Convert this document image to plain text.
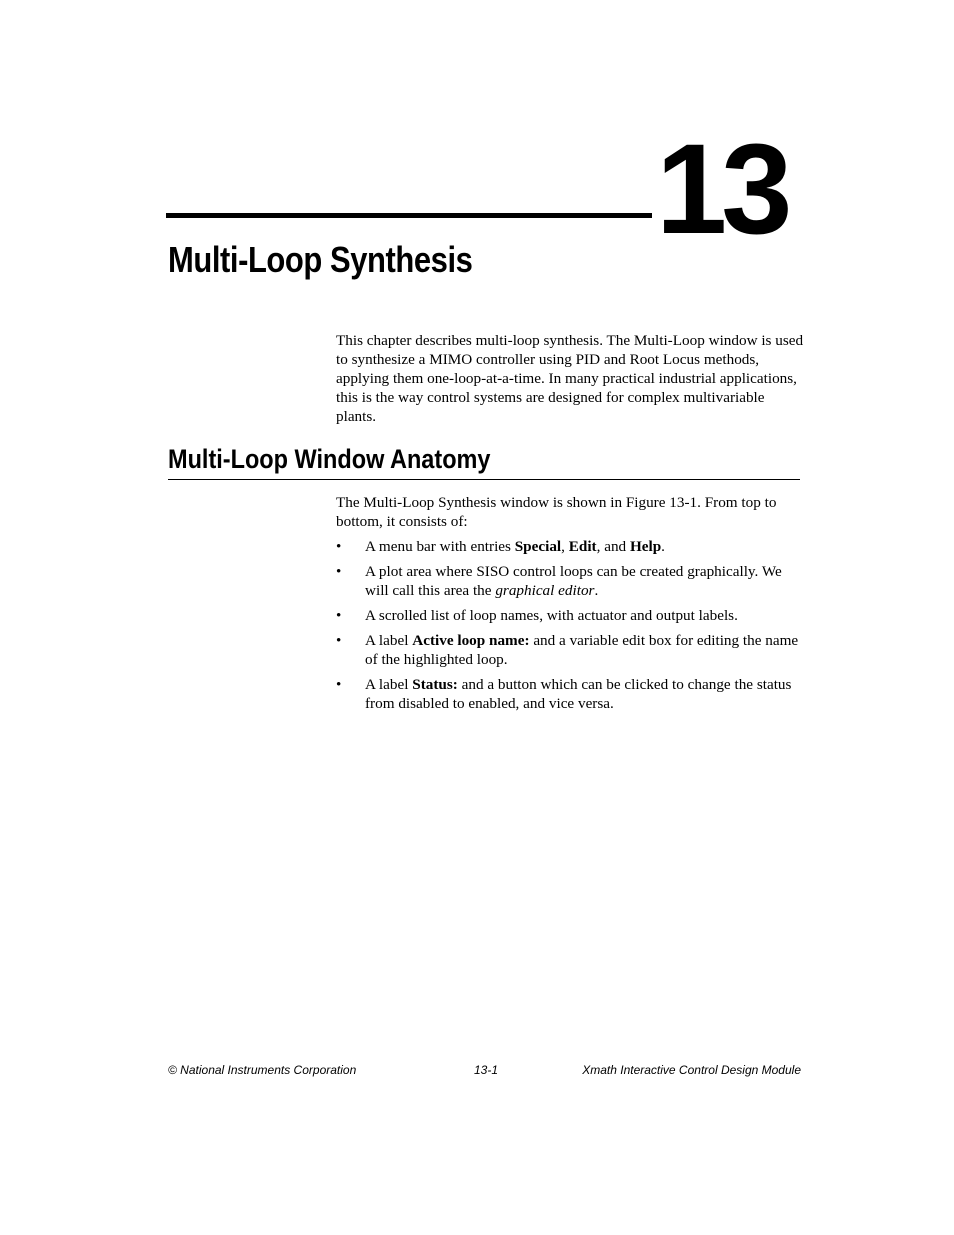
13
Multi-Loop Synthesis

This chapter describes multi-loop synthesis. The Multi-Loop window is used to synthesize a MIMO controller using PID and Root Locus methods, applying them one-loop-at-a-time. In many practical industrial applications, this is the way control systems are designed for complex multivariable plants.

Multi-Loop Window Anatomy

The Multi-Loop Synthesis window is shown in Figure 13-1. From top to bottom, it consists of:

• A menu bar with entries Special, Edit, and Help.
• A plot area where SISO control loops can be created graphically. We will call this area the graphical editor.
• A scrolled list of loop names, with actuator and output labels.
• A label Active loop name: and a variable edit box for editing the name of the highlighted loop.
• A label Status: and a button which can be clicked to change the status from disabled to enabled, and vice versa.
© National Instruments Corporation	13-1	Xmath Interactive Control Design Module
